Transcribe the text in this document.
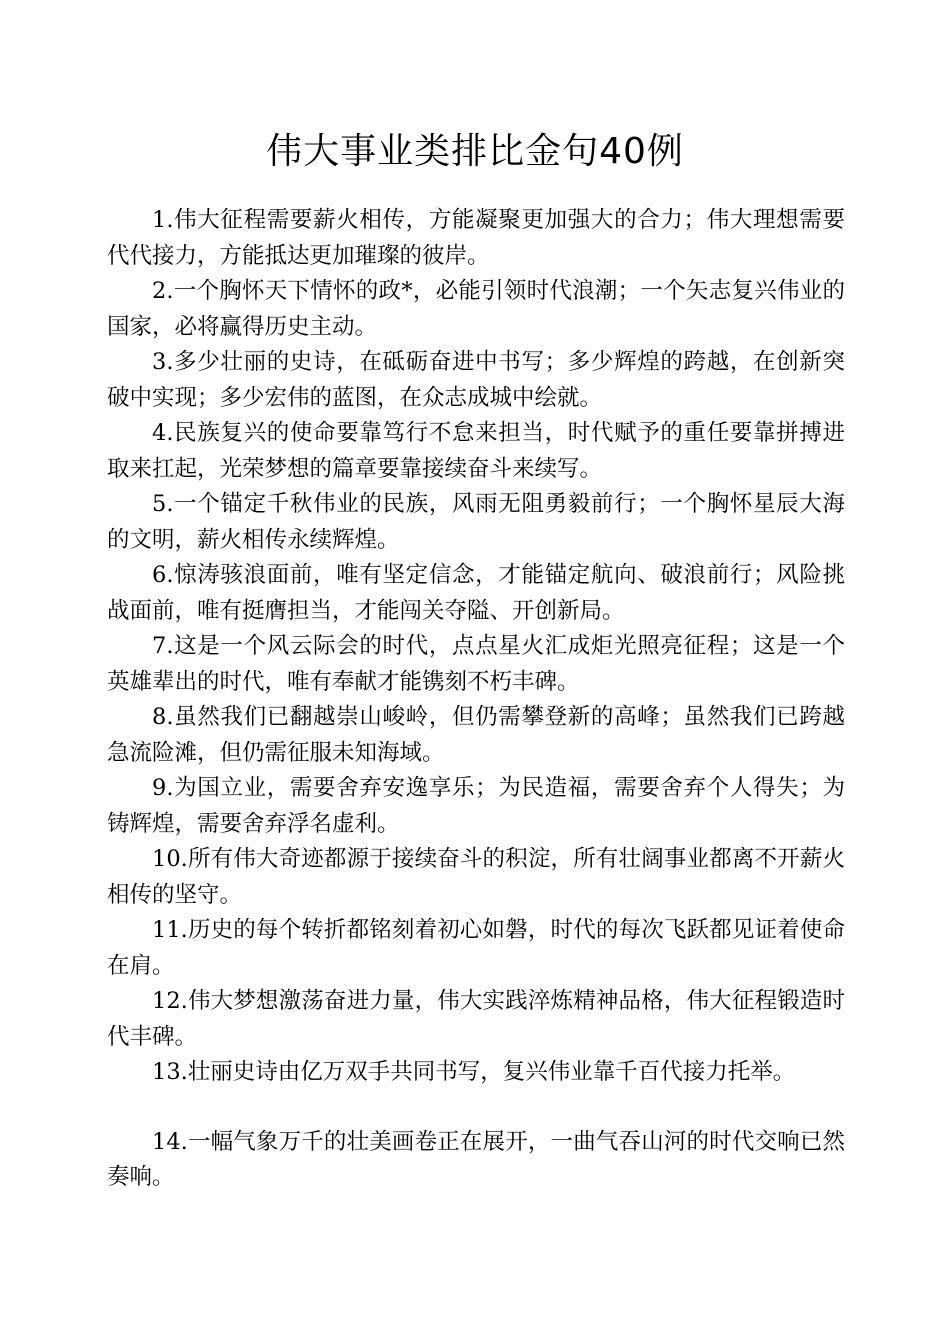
伟大事业类排比金句40例

1.伟大征程需要薪火相传，方能凝聚更加强大的合力；伟大理想需要代代接力，方能抵达更加璀璨的彼岸。

2.一个胸怀天下情怀的政*，必能引领时代浪潮；一个矢志复兴伟业的国家，必将赢得历史主动。

3.多少壮丽的史诗，在砥砺奋进中书写；多少辉煌的跨越，在创新突破中实现；多少宏伟的蓝图，在众志成城中绘就。

4.民族复兴的使命要靠笃行不怠来担当，时代赋予的重任要靠拼搏进取来扛起，光荣梦想的篇章要靠接续奋斗来续写。

5.一个锚定千秋伟业的民族，风雨无阻勇毅前行；一个胸怀星辰大海的文明，薪火相传永续辉煌。

6.惊涛骇浪面前，唯有坚定信念，才能锚定航向、破浪前行；风险挑战面前，唯有挺膺担当，才能闯关夺隘、开创新局。

7.这是一个风云际会的时代，点点星火汇成炬光照亮征程；这是一个英雄辈出的时代，唯有奉献才能镌刻不朽丰碑。

8.虽然我们已翻越崇山峻岭，但仍需攀登新的高峰；虽然我们已跨越急流险滩，但仍需征服未知海域。

9.为国立业，需要舍弃安逸享乐；为民造福，需要舍弃个人得失；为铸辉煌，需要舍弃浮名虚利。

10.所有伟大奇迹都源于接续奋斗的积淀，所有壮阔事业都离不开薪火相传的坚守。

11.历史的每个转折都铭刻着初心如磐，时代的每次飞跃都见证着使命在肩。

12.伟大梦想激荡奋进力量，伟大实践淬炼精神品格，伟大征程锻造时代丰碑。

13.壮丽史诗由亿万双手共同书写，复兴伟业靠千百代接力托举。

14.一幅气象万千的壮美画卷正在展开，一曲气吞山河的时代交响已然奏响。
